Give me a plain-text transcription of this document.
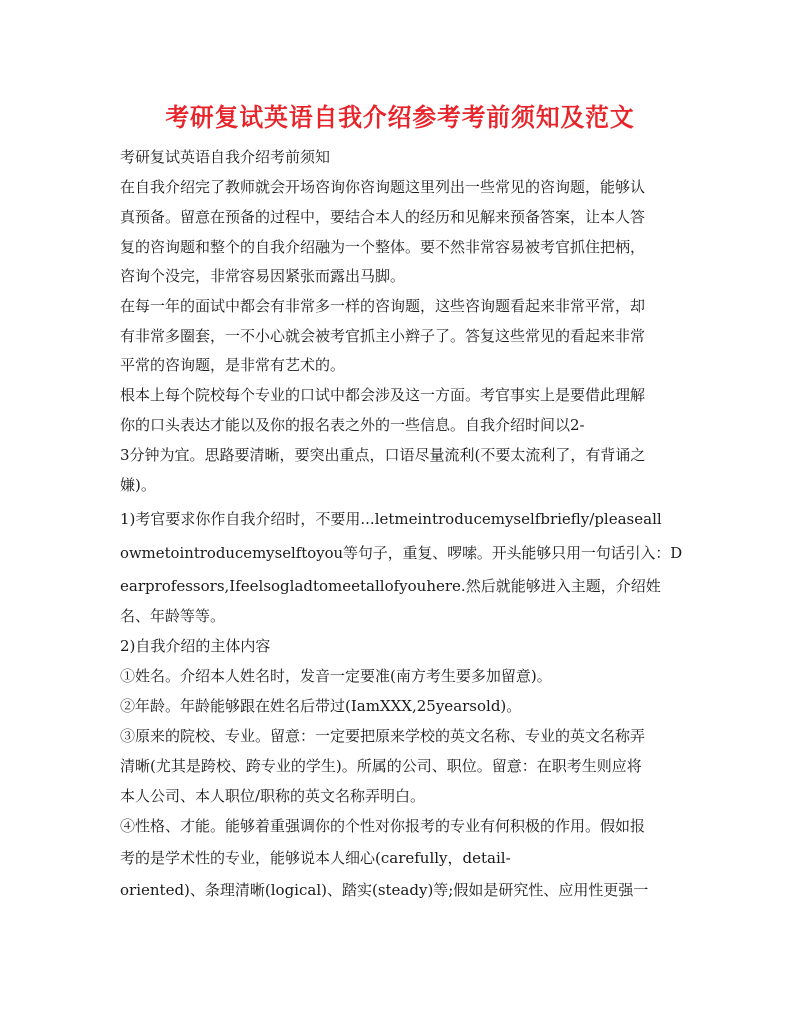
考研复试英语自我介绍参考考前须知及范文

考研复试英语自我介绍考前须知

在自我介绍完了教师就会开场咨询你咨询题这里列出一些常见的咨询题，能够认

真预备。留意在预备的过程中，要结合本人的经历和见解来预备答案，让本人答

复的咨询题和整个的自我介绍融为一个整体。要不然非常容易被考官抓住把柄，

咨询个没完，非常容易因紧张而露出马脚。

在每一年的面试中都会有非常多一样的咨询题，这些咨询题看起来非常平常，却

有非常多圈套，一不小心就会被考官抓主小辫子了。答复这些常见的看起来非常

平常的咨询题，是非常有艺术的。

根本上每个院校每个专业的口试中都会涉及这一方面。考官事实上是要借此理解

你的口头表达才能以及你的报名表之外的一些信息。自我介绍时间以2-

3分钟为宜。思路要清晰，要突出重点，口语尽量流利(不要太流利了，有背诵之

嫌)。

1)考官要求你作自我介绍时，不要用...letmeintroducemyselfbriefly/pleaseall

owmetointroducemyselftoyou等句子，重复、啰嗦。开头能够只用一句话引入：D

earprofessors,Ifeelsogladtomeetallofyouhere.然后就能够进入主题，介绍姓

名、年龄等等。

2)自我介绍的主体内容

①姓名。介绍本人姓名时，发音一定要准(南方考生要多加留意)。

②年龄。年龄能够跟在姓名后带过(IamXXX,25yearsold)。

③原来的院校、专业。留意：一定要把原来学校的英文名称、专业的英文名称弄

清晰(尤其是跨校、跨专业的学生)。所属的公司、职位。留意：在职考生则应将

本人公司、本人职位/职称的英文名称弄明白。

④性格、才能。能够着重强调你的个性对你报考的专业有何积极的作用。假如报

考的是学术性的专业，能够说本人细心(carefully，detail-

oriented)、条理清晰(logical)、踏实(steady)等;假如是研究性、应用性更强一
